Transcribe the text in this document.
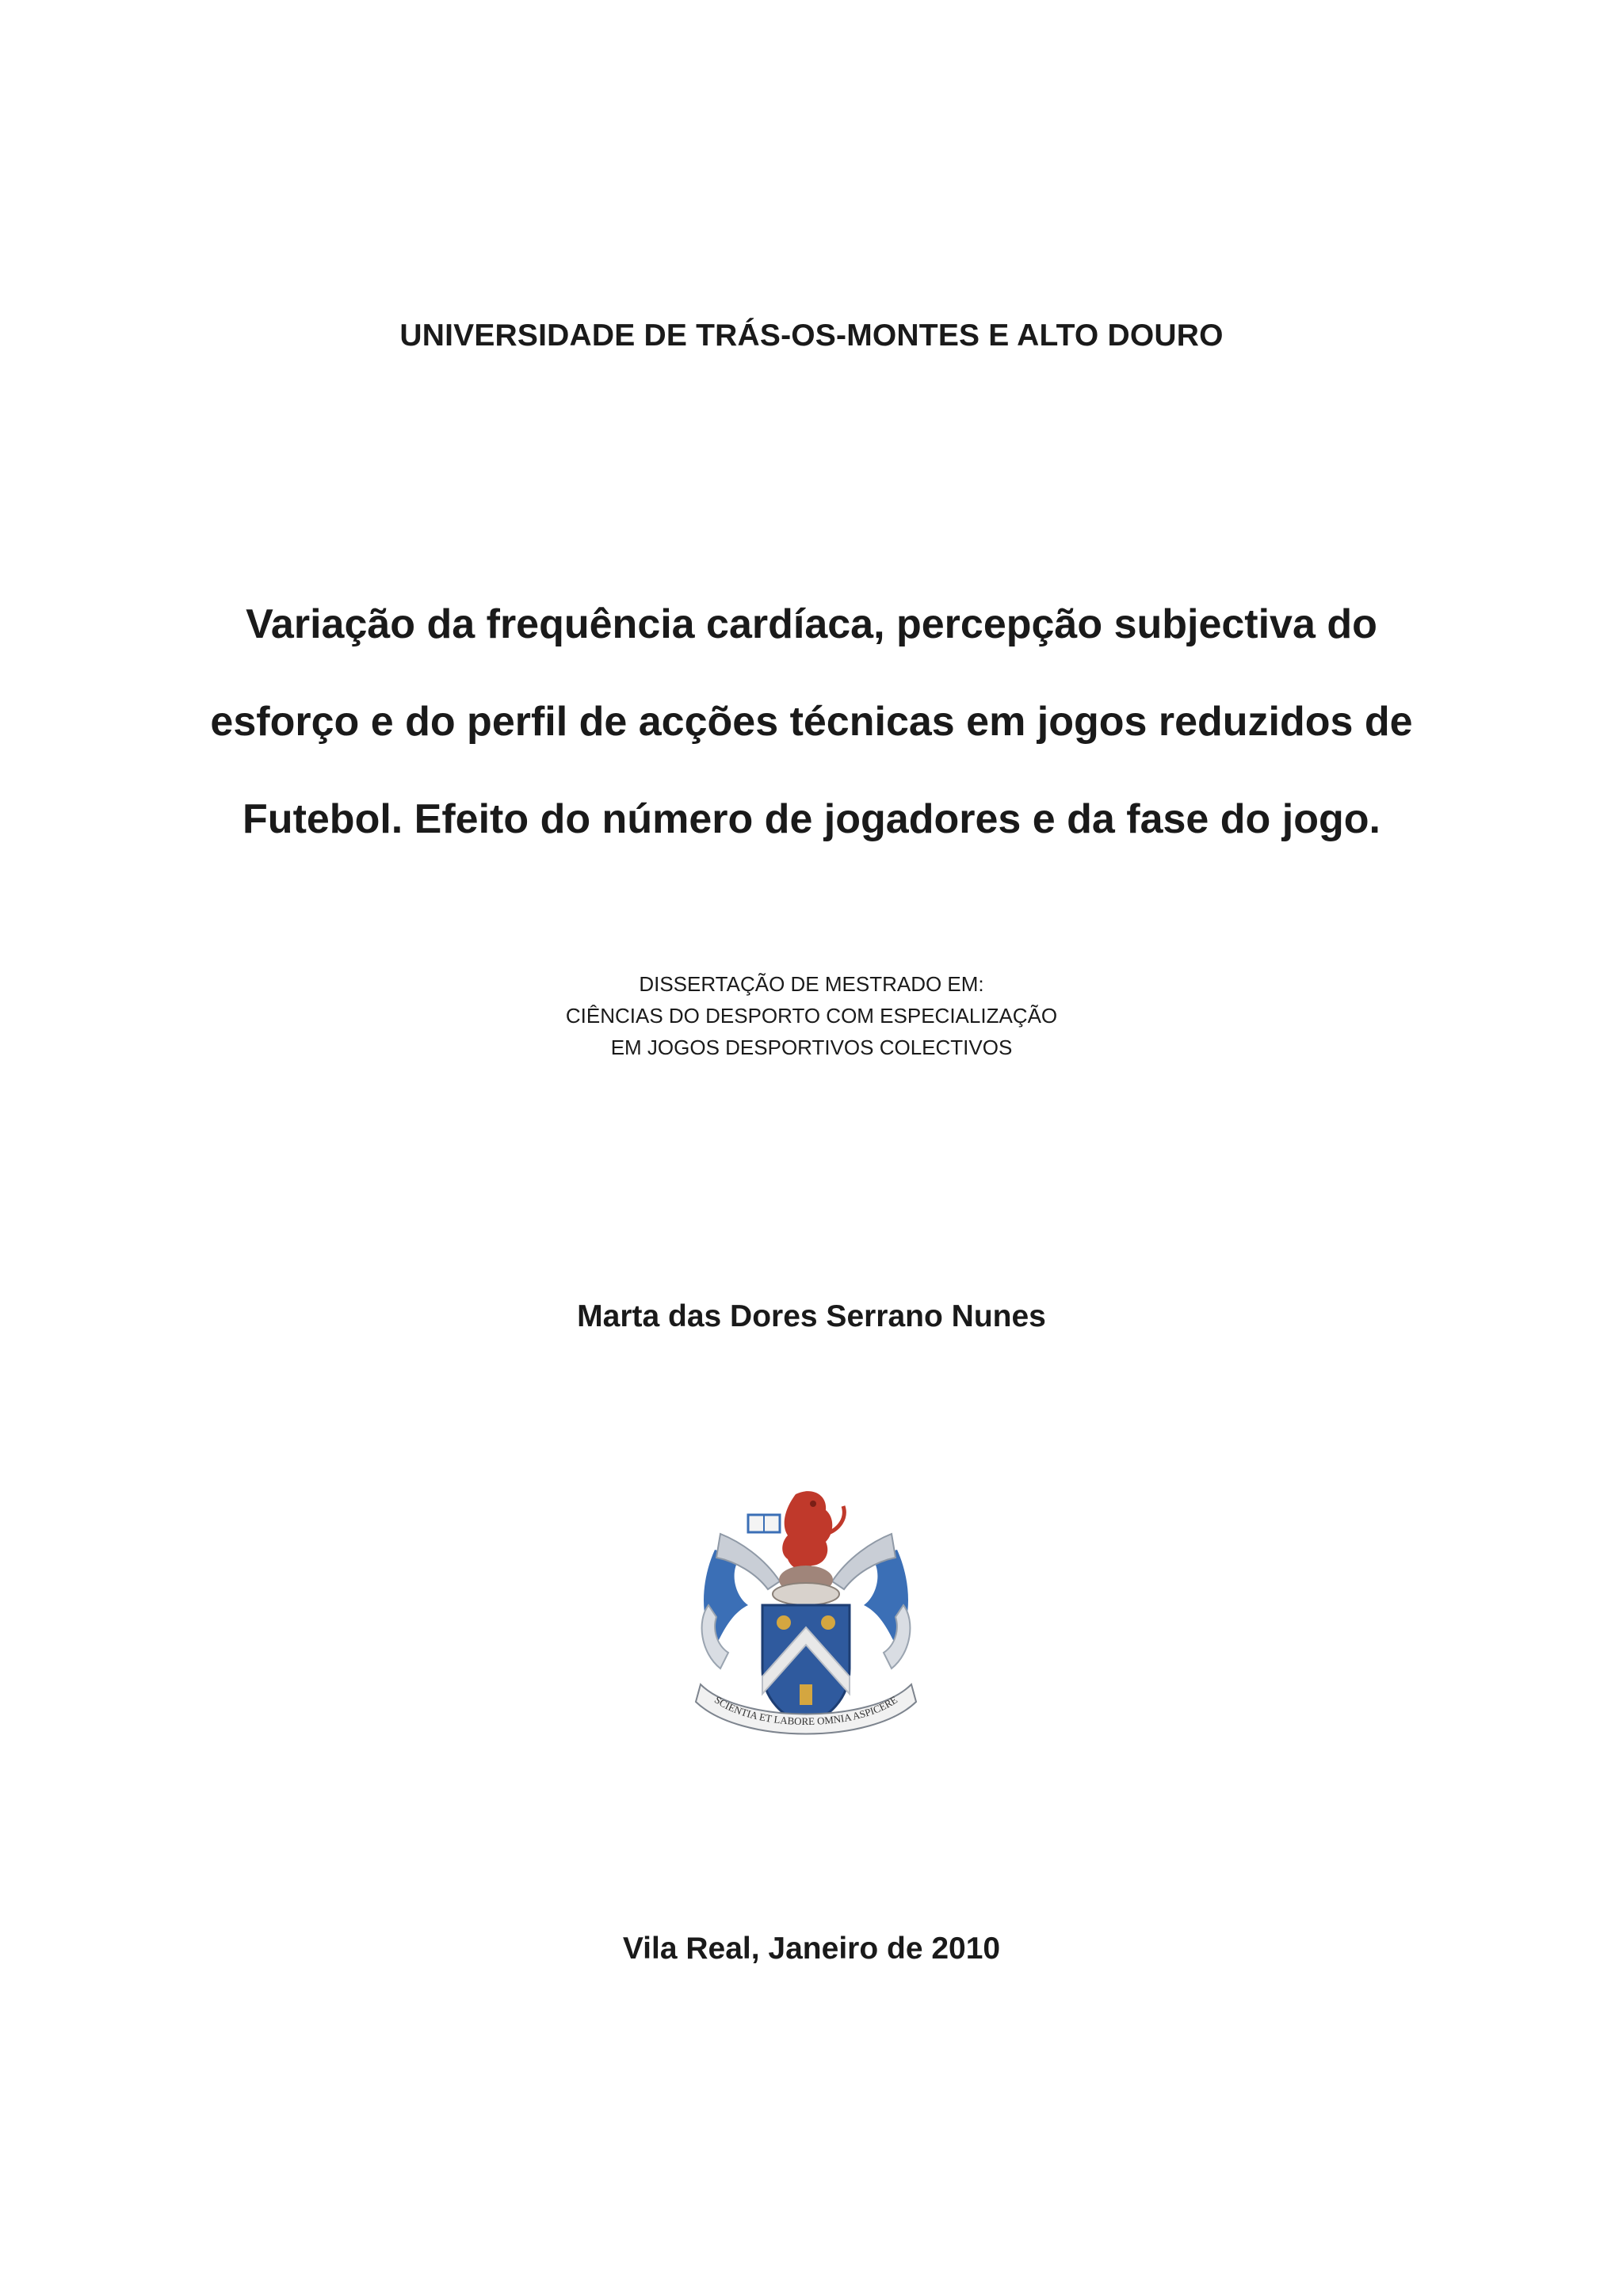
UNIVERSIDADE DE TRÁS-OS-MONTES E ALTO DOURO

Variação da frequência cardíaca, percepção subjectiva do
esforço e do perfil de acções técnicas em jogos reduzidos de
Futebol. Efeito do número de jogadores e da fase do jogo.
DISSERTAÇÃO DE MESTRADO EM:
CIÊNCIAS DO DESPORTO COM ESPECIALIZAÇÃO
EM JOGOS DESPORTIVOS COLECTIVOS

Marta das Dores Serrano Nunes

SCIENTIA ET LABORE OMNIA ASPICERE

Vila Real, Janeiro de 2010
